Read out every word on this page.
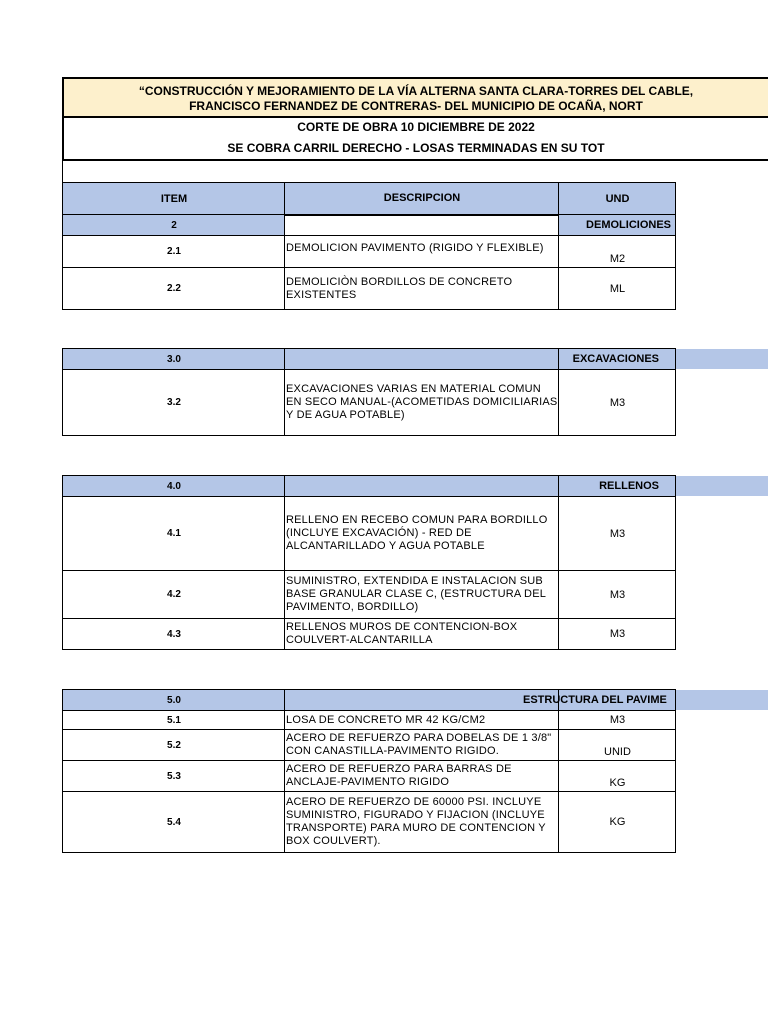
“CONSTRUCCIÓN Y MEJORAMIENTO DE LA VÍA ALTERNA SANTA CLARA-TORRES DEL CABLE,
FRANCISCO FERNANDEZ DE CONTRERAS- DEL MUNICIPIO DE OCAÑA, NORT
CORTE DE OBRA 10 DICIEMBRE DE 2022
SE COBRA CARRIL DERECHO - LOSAS TERMINADAS EN SU TOT
ITEM	DESCRIPCION	UND
2		DEMOLICIONES
2.1	DEMOLICION PAVIMENTO (RIGIDO Y FLEXIBLE)	M2
2.2	DEMOLICIÒN BORDILLOS DE CONCRETO EXISTENTES	ML
3.0		EXCAVACIONES
3.2	EXCAVACIONES VARIAS EN MATERIAL COMUN EN SECO MANUAL-(ACOMETIDAS DOMICILIARIAS Y DE AGUA POTABLE)	M3
4.0		RELLENOS
4.1	RELLENO EN RECEBO COMUN PARA BORDILLO (INCLUYE EXCAVACIÓN) - RED DE ALCANTARILLADO Y AGUA POTABLE	M3
4.2	SUMINISTRO, EXTENDIDA E INSTALACION SUB BASE GRANULAR CLASE C, (ESTRUCTURA DEL PAVIMENTO, BORDILLO)	M3
4.3	RELLENOS MUROS DE CONTENCION-BOX COULVERT-ALCANTARILLA	M3
5.0		ESTRUCTURA DEL PAVIME
5.1	LOSA DE CONCRETO MR 42 KG/CM2	M3
5.2	ACERO DE REFUERZO PARA DOBELAS DE 1 3/8" CON CANASTILLA-PAVIMENTO RIGIDO.	UNID
5.3	ACERO DE REFUERZO PARA BARRAS DE ANCLAJE-PAVIMENTO RIGIDO	KG
5.4	ACERO DE REFUERZO DE 60000 PSI. INCLUYE SUMINISTRO, FIGURADO Y FIJACION (INCLUYE TRANSPORTE) PARA MURO DE CONTENCION Y BOX COULVERT).	KG
